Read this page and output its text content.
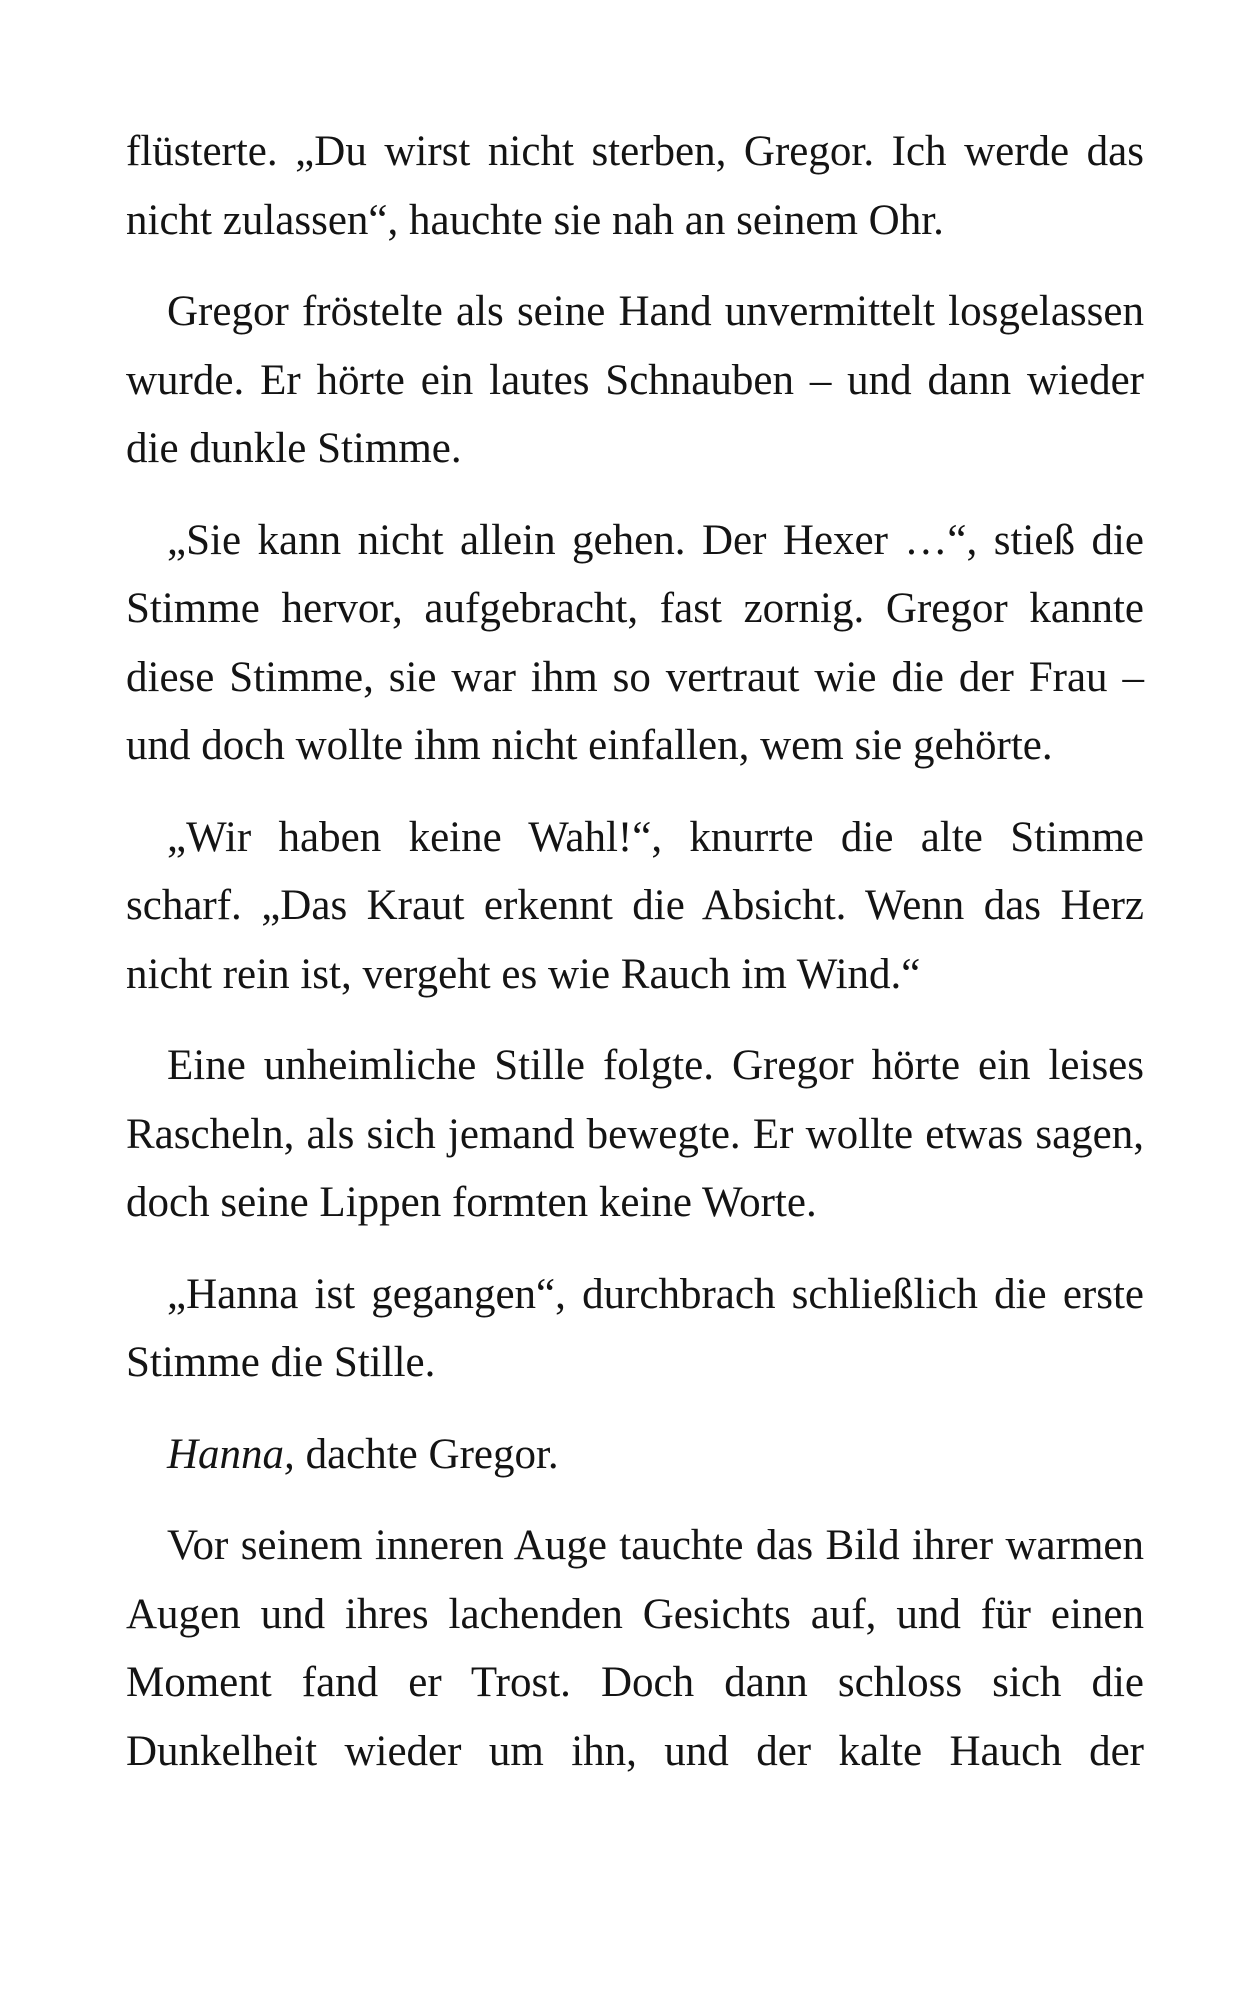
flüsterte. „Du wirst nicht sterben, Gregor. Ich werde das nicht zulassen“, hauchte sie nah an seinem Ohr.

Gregor fröstelte als seine Hand unvermittelt losgelassen wurde. Er hörte ein lautes Schnauben – und dann wieder die dunkle Stimme.

„Sie kann nicht allein gehen. Der Hexer …“, stieß die Stimme hervor, aufgebracht, fast zornig. Gregor kannte diese Stimme, sie war ihm so vertraut wie die der Frau – und doch wollte ihm nicht einfallen, wem sie gehörte.

„Wir haben keine Wahl!“, knurrte die alte Stimme scharf. „Das Kraut erkennt die Absicht. Wenn das Herz nicht rein ist, vergeht es wie Rauch im Wind.“

Eine unheimliche Stille folgte. Gregor hörte ein leises Rascheln, als sich jemand bewegte. Er wollte etwas sagen, doch seine Lippen formten keine Worte.

„Hanna ist gegangen“, durchbrach schließlich die erste Stimme die Stille.

Hanna, dachte Gregor.

Vor seinem inneren Auge tauchte das Bild ihrer warmen Augen und ihres lachenden Gesichts auf, und für einen Moment fand er Trost. Doch dann schloss sich die Dunkelheit wieder um ihn, und der kalte Hauch der
